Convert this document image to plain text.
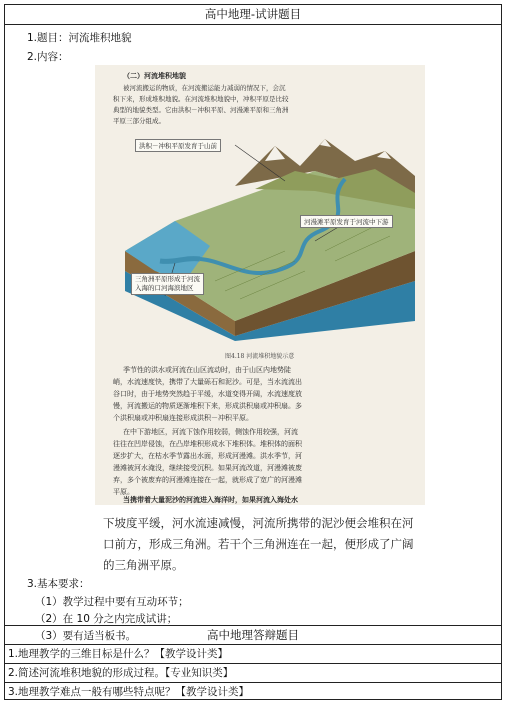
高中地理-试讲题目
1.题目：河流堆积地貌
2.内容：
（二）河流堆积地貌
被河流搬运的物质，在河流搬运能力减弱的情况下，会沉
积下来，形成堆积地貌。在河流堆积地貌中，冲积平原是比较
典型的地貌类型。它由洪积－冲积平原、河漫滩平原和三角洲
平原三部分组成。
洪积－冲积平原发育于山前
河漫滩平原发育于河流中下游
三角洲平原形成于河流
入海的口河海滨地区
图4.18 河流堆积地貌示意
季节性的洪水或河流在山区流动时，由于山区内地势陡
峭，水流速度快，携带了大量砾石和泥沙。可是，当水流流出
谷口时，由于地势突然趋于平缓，水道变得开阔，水流速度放
慢，河流搬运的物质逐渐堆积下来，形成洪积扇或冲积扇。多
个洪积扇或冲积扇连接形成洪积－冲积平原。
在中下游地区，河流下蚀作用较弱，侧蚀作用较强，河流
往往在凹岸侵蚀，在凸岸堆积形成水下堆积体。堆积体的面积
逐步扩大，在枯水季节露出水面，形成河漫滩。洪水季节，河
漫滩被河水淹没，继续接受沉积。如果河流改道，河漫滩被废
弃，多个被废弃的河漫滩连接在一起，就形成了宽广的河漫滩
平原。
当携带着大量泥沙的河流进入海洋时，如果河流入海处水
下坡度平缓，河水流速减慢，河流所携带的泥沙便会堆积在河
口前方，形成三角洲。若干个三角洲连在一起，便形成了广阔
的三角洲平原。
3.基本要求：
（1）教学过程中要有互动环节；
（2）在 10 分之内完成试讲；
（3）要有适当板书。	高中地理答辩题目
1.地理教学的三维目标是什么？【教学设计类】
2.简述河流堆积地貌的形成过程。【专业知识类】
3.地理教学难点一般有哪些特点呢？【教学设计类】
